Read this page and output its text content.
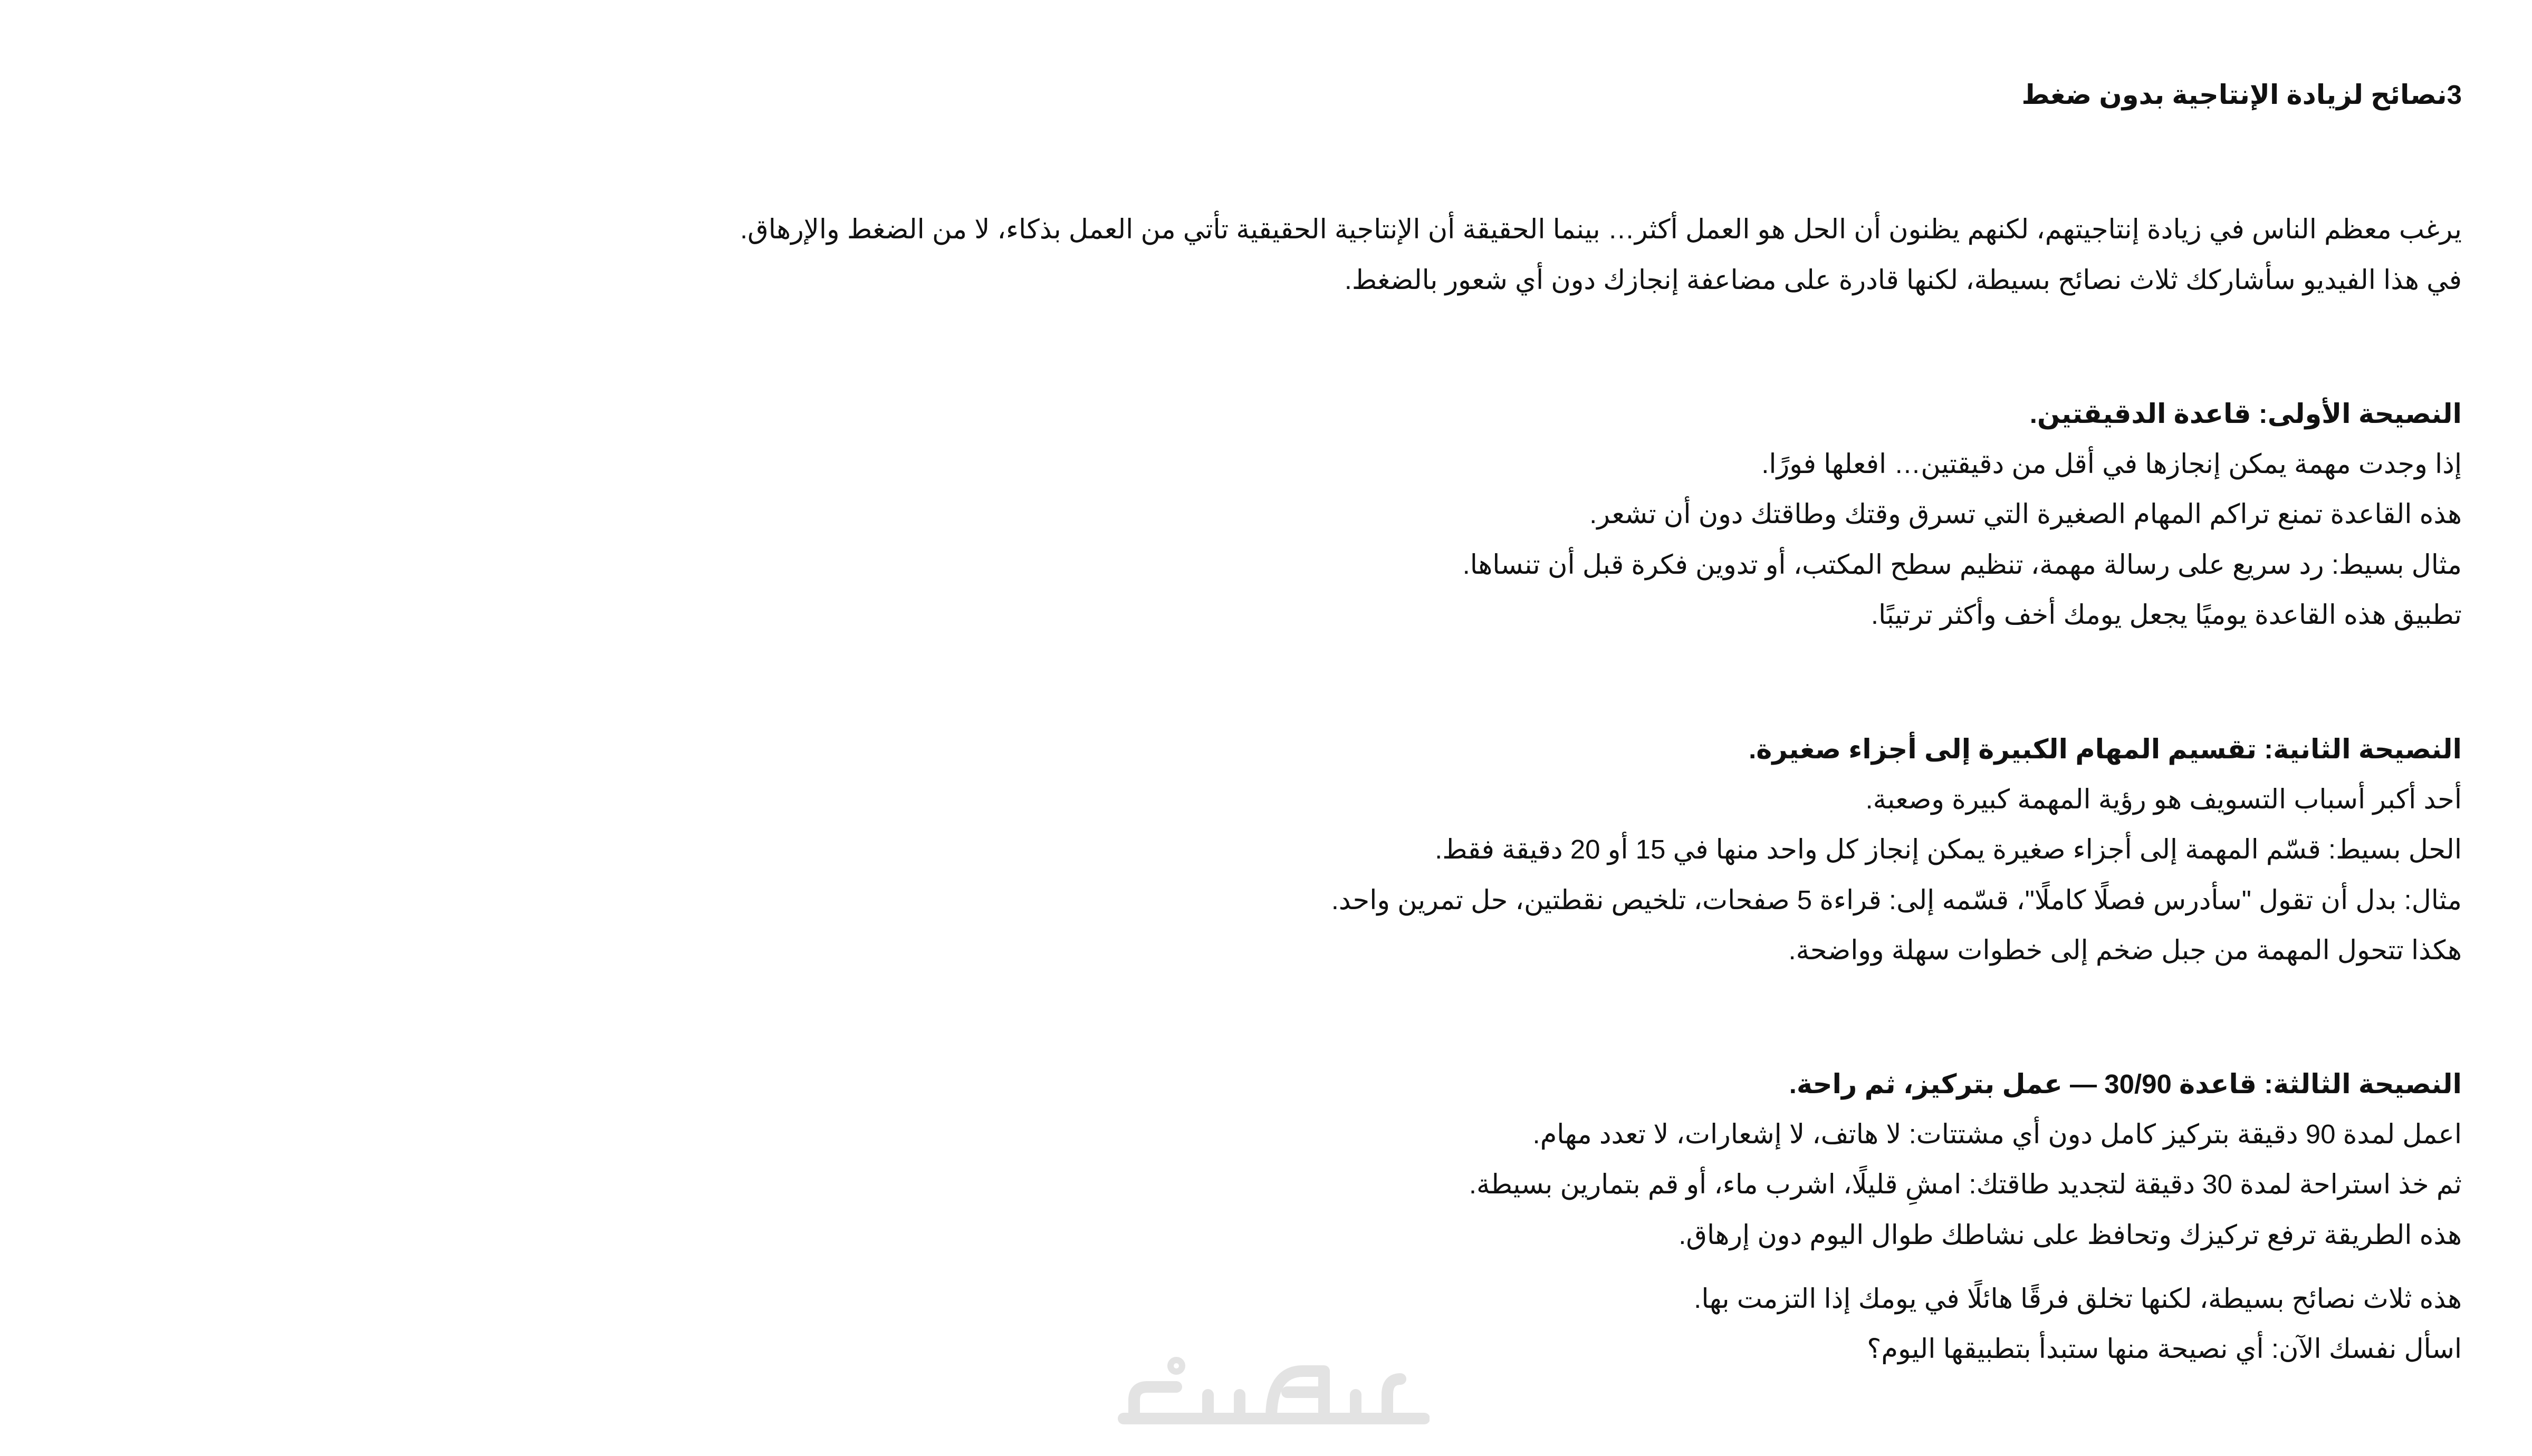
3نصائح لزيادة الإنتاجية بدون ضغط
يرغب معظم الناس في زيادة إنتاجيتهم، لكنهم يظنون أن الحل هو العمل أكثر… بينما الحقيقة أن الإنتاجية الحقيقية تأتي من العمل بذكاء، لا من الضغط والإرهاق.
في هذا الفيديو سأشاركك ثلاث نصائح بسيطة، لكنها قادرة على مضاعفة إنجازك دون أي شعور بالضغط.
النصيحة الأولى: قاعدة الدقيقتين.
إذا وجدت مهمة يمكن إنجازها في أقل من دقيقتين… افعلها فورًا.
هذه القاعدة تمنع تراكم المهام الصغيرة التي تسرق وقتك وطاقتك دون أن تشعر.
مثال بسيط: رد سريع على رسالة مهمة، تنظيم سطح المكتب، أو تدوين فكرة قبل أن تنساها.
تطبيق هذه القاعدة يوميًا يجعل يومك أخف وأكثر ترتيبًا.
النصيحة الثانية: تقسيم المهام الكبيرة إلى أجزاء صغيرة.
أحد أكبر أسباب التسويف هو رؤية المهمة كبيرة وصعبة.
الحل بسيط: قسّم المهمة إلى أجزاء صغيرة يمكن إنجاز كل واحد منها في 15 أو 20 دقيقة فقط.
مثال: بدل أن تقول "سأدرس فصلًا كاملًا"، قسّمه إلى: قراءة 5 صفحات، تلخيص نقطتين، حل تمرين واحد.
هكذا تتحول المهمة من جبل ضخم إلى خطوات سهلة وواضحة.
النصيحة الثالثة: قاعدة 30/90 — عمل بتركيز، ثم راحة.
اعمل لمدة 90 دقيقة بتركيز كامل دون أي مشتتات: لا هاتف، لا إشعارات، لا تعدد مهام.
ثم خذ استراحة لمدة 30 دقيقة لتجديد طاقتك: امشِ قليلًا، اشرب ماء، أو قم بتمارين بسيطة.
هذه الطريقة ترفع تركيزك وتحافظ على نشاطك طوال اليوم دون إرهاق.
هذه ثلاث نصائح بسيطة، لكنها تخلق فرقًا هائلًا في يومك إذا التزمت بها.
اسأل نفسك الآن: أي نصيحة منها ستبدأ بتطبيقها اليوم؟
